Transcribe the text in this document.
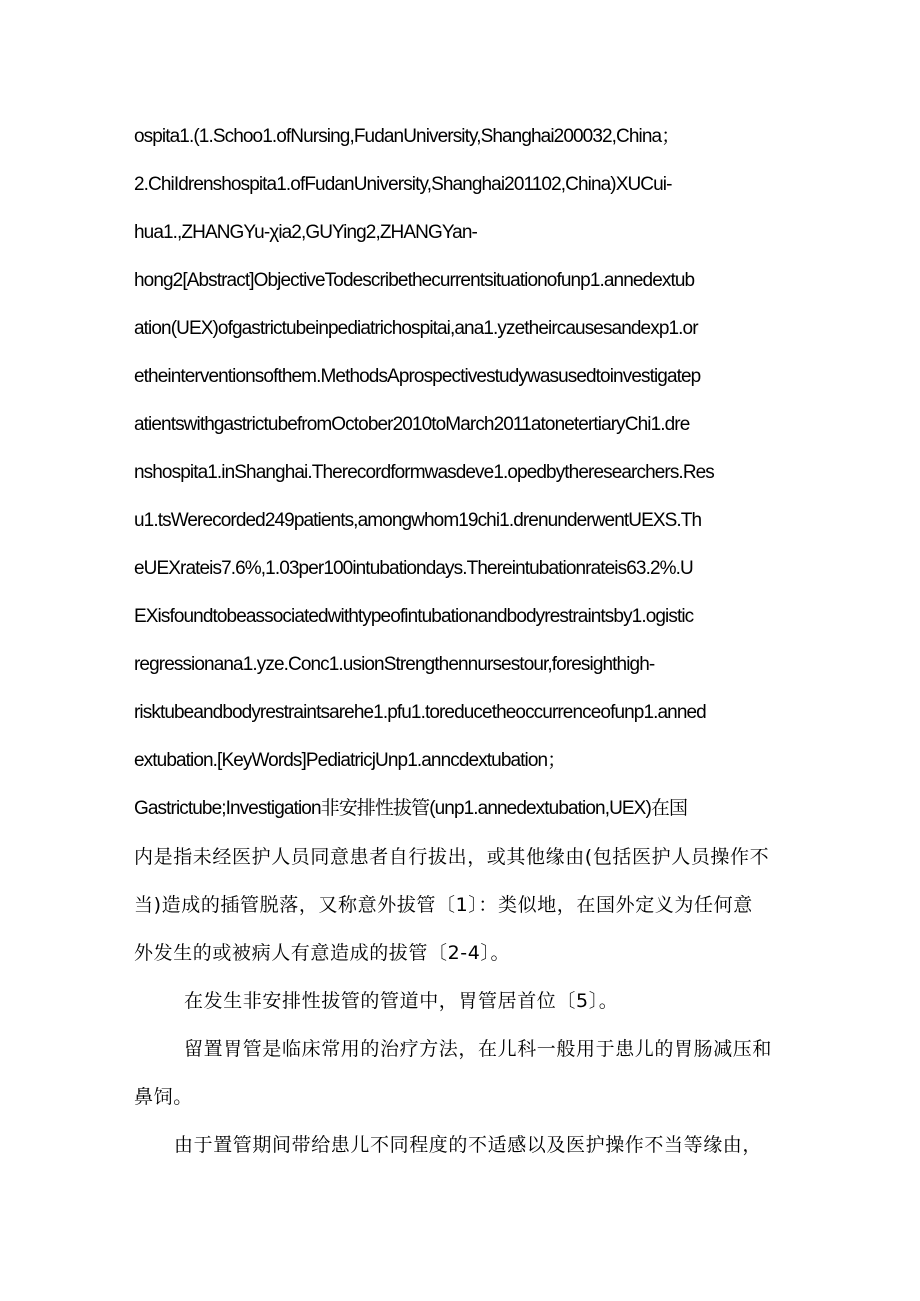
ospita1.(1.Schoo1.ofNursing,FudanUniversity,Shanghai200032,China；
2.ChiIdrenshospita1.ofFudanUniversity,Shanghai201102,China)XUCui-
hua1.,ZHANGYu-χia2,GUYing2,ZHANGYan-
hong2[Abstract]ObjectiveTodescribethecurrentsituationofunp1.annedextub
ation(UEX)ofgastrictubeinpediatrichospitai,ana1.yzetheircausesandexp1.or
etheinterventionsofthem.MethodsAprospectivestudywasusedtoinvestigatep
atientswithgastrictubefromOctober2010toMarch2011atonetertiaryChi1.dre
nshospita1.inShanghai.Therecordformwasdeve1.opedbytheresearchers.Res
u1.tsWerecorded249patients,amongwhom19chi1.drenunderwentUEXS.Th
eUEXrateis7.6%,1.03per100intubationdays.Thereintubationrateis63.2%.U
EXisfoundtobeassociatedwithtypeofintubationandbodyrestraintsby1.ogistic
regressionana1.yze.Conc1.usionStrengthennursestour,foresighthigh-
risktubeandbodyrestraintsarehe1.pfu1.toreducetheoccurrenceofunp1.anned
extubation.[KeyWords]PediatricjUnp1.anncdextubation；
Gastrictube;Investigation非安排性拔管(unp1.annedextubation,UEX)在国
内是指未经医护人员同意患者自行拔出，或其他缘由(包括医护人员操作不
当)造成的插管脱落，又称意外拔管〔1〕：类似地，在国外定义为任何意
外发生的或被病人有意造成的拔管〔2-4〕。
在发生非安排性拔管的管道中，胃管居首位〔5〕。
留置胃管是临床常用的治疗方法，在儿科一般用于患儿的胃肠减压和
鼻饲。
由于置管期间带给患儿不同程度的不适感以及医护操作不当等缘由，
